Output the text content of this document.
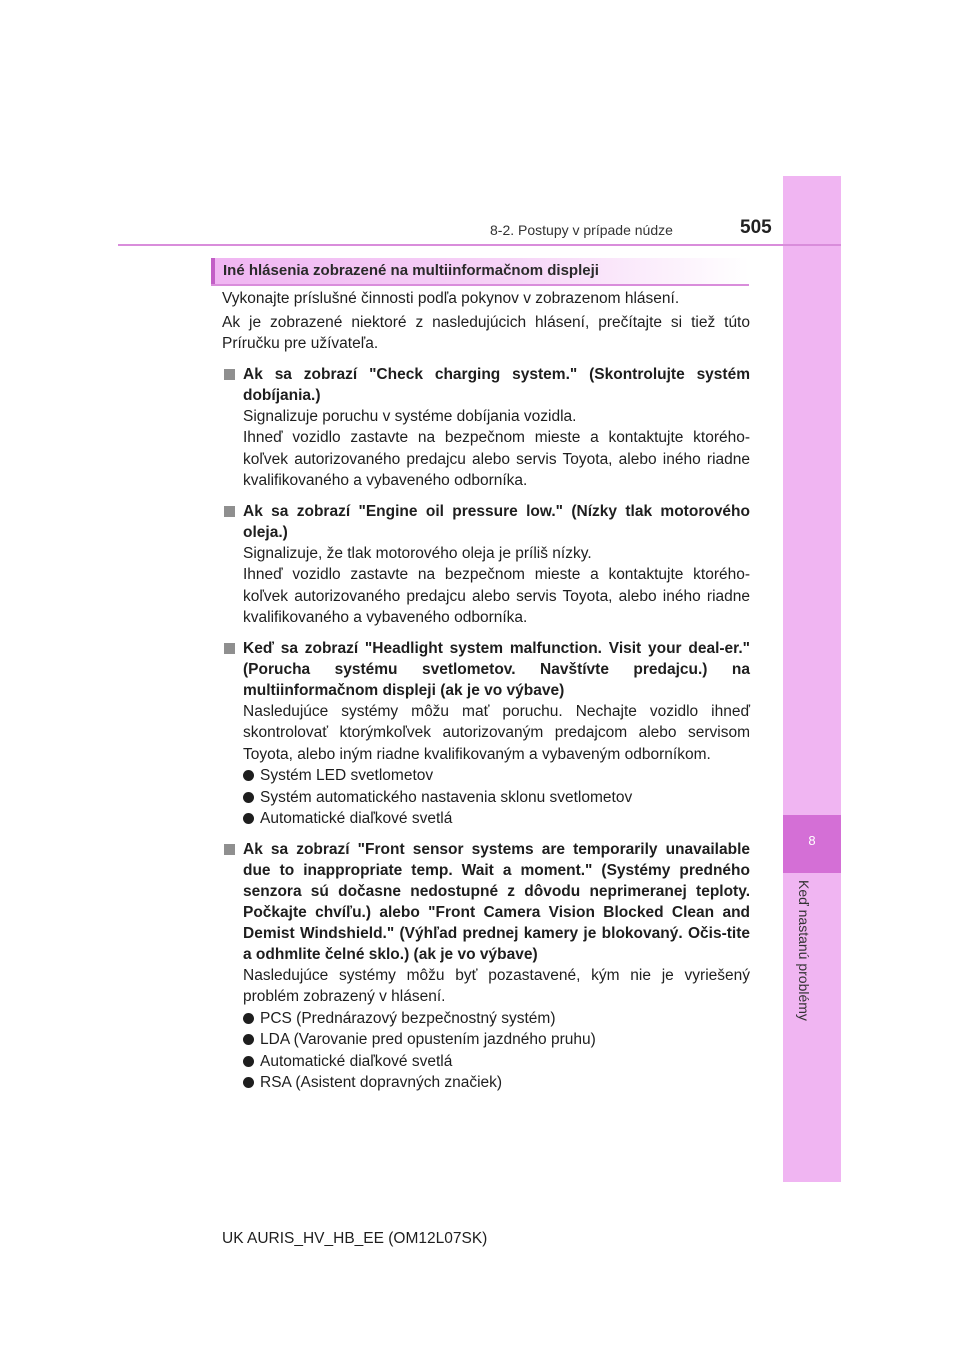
8
Keď nastanú problémy
8-2. Postupy v prípade núdze	505
Iné hlásenia zobrazené na multiinformačnom displeji

Vykonajte príslušné činnosti podľa pokynov v zobrazenom hlásení.

Ak je zobrazené niektoré z nasledujúcich hlásení, prečítajte si tiež túto Príručku pre užívateľa.

Ak sa zobrazí "Check charging system." (Skontrolujte systém dobíjania.)

Signalizuje poruchu v systéme dobíjania vozidla.

Ihneď vozidlo zastavte na bezpečnom mieste a kontaktujte ktorého-koľvek autorizovaného predajcu alebo servis Toyota, alebo iného riadne kvalifikovaného a vybaveného odborníka.

Ak sa zobrazí "Engine oil pressure low." (Nízky tlak motorového oleja.)

Signalizuje, že tlak motorového oleja je príliš nízky.

Ihneď vozidlo zastavte na bezpečnom mieste a kontaktujte ktorého-koľvek autorizovaného predajcu alebo servis Toyota, alebo iného riadne kvalifikovaného a vybaveného odborníka.

Keď sa zobrazí "Headlight system malfunction. Visit your deal-er." (Porucha systému svetlometov. Navštívte predajcu.) na multiinformačnom displeji (ak je vo výbave)

Nasledujúce systémy môžu mať poruchu. Nechajte vozidlo ihneď skontrolovať ktorýmkoľvek autorizovaným predajcom alebo servisom Toyota, alebo iným riadne kvalifikovaným a vybaveným odborníkom.

Systém LED svetlometov

Systém automatického nastavenia sklonu svetlometov

Automatické diaľkové svetlá

Ak sa zobrazí "Front sensor systems are temporarily unavailable due to inappropriate temp. Wait a moment." (Systémy predného senzora sú dočasne nedostupné z dôvodu neprimeranej teploty. Počkajte chvíľu.) alebo "Front Camera Vision Blocked Clean and Demist Windshield." (Výhľad prednej kamery je blokovaný. Očis-tite a odhmlite čelné sklo.) (ak je vo výbave)

Nasledujúce systémy môžu byť pozastavené, kým nie je vyriešený problém zobrazený v hlásení.

PCS (Prednárazový bezpečnostný systém)

LDA (Varovanie pred opustením jazdného pruhu)

Automatické diaľkové svetlá

RSA (Asistent dopravných značiek)

UK AURIS_HV_HB_EE (OM12L07SK)
